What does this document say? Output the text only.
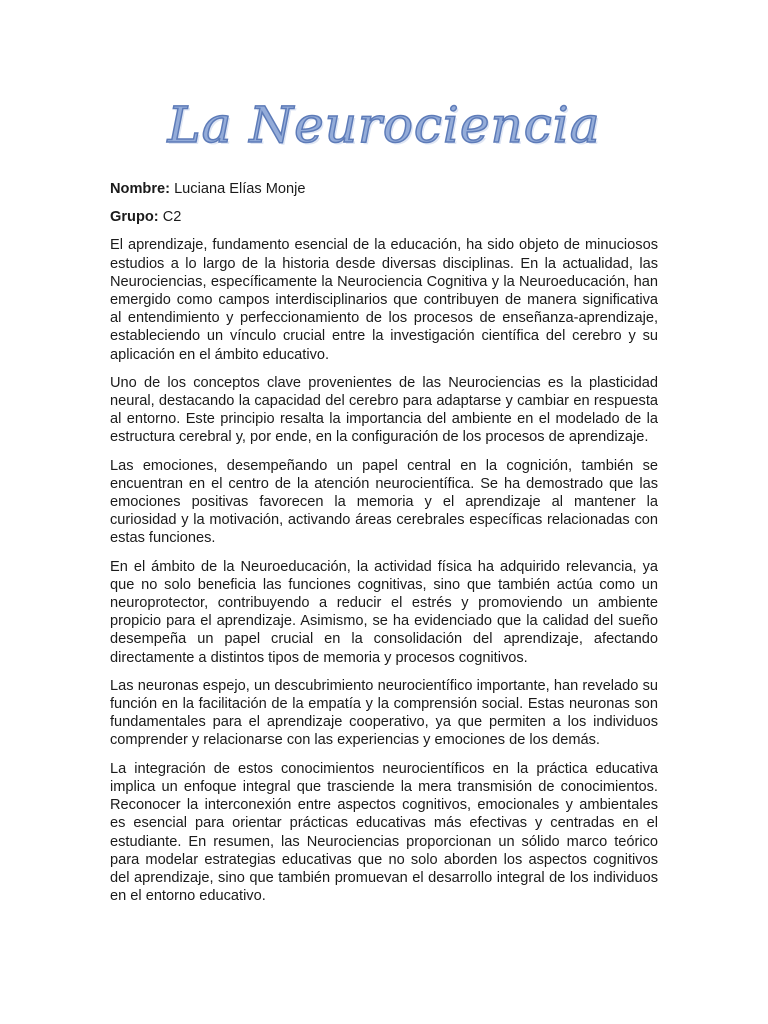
La Neurociencia

Nombre: Luciana Elías Monje

Grupo: C2

El aprendizaje, fundamento esencial de la educación, ha sido objeto de minuciosos estudios a lo largo de la historia desde diversas disciplinas. En la actualidad, las Neurociencias, específicamente la Neurociencia Cognitiva y la Neuroeducación, han emergido como campos interdisciplinarios que contribuyen de manera significativa al entendimiento y perfeccionamiento de los procesos de enseñanza-aprendizaje, estableciendo un vínculo crucial entre la investigación científica del cerebro y su aplicación en el ámbito educativo.

Uno de los conceptos clave provenientes de las Neurociencias es la plasticidad neural, destacando la capacidad del cerebro para adaptarse y cambiar en respuesta al entorno. Este principio resalta la importancia del ambiente en el modelado de la estructura cerebral y, por ende, en la configuración de los procesos de aprendizaje.

Las emociones, desempeñando un papel central en la cognición, también se encuentran en el centro de la atención neurocientífica. Se ha demostrado que las emociones positivas favorecen la memoria y el aprendizaje al mantener la curiosidad y la motivación, activando áreas cerebrales específicas relacionadas con estas funciones.

En el ámbito de la Neuroeducación, la actividad física ha adquirido relevancia, ya que no solo beneficia las funciones cognitivas, sino que también actúa como un neuroprotector, contribuyendo a reducir el estrés y promoviendo un ambiente propicio para el aprendizaje. Asimismo, se ha evidenciado que la calidad del sueño desempeña un papel crucial en la consolidación del aprendizaje, afectando directamente a distintos tipos de memoria y procesos cognitivos.

Las neuronas espejo, un descubrimiento neurocientífico importante, han revelado su función en la facilitación de la empatía y la comprensión social. Estas neuronas son fundamentales para el aprendizaje cooperativo, ya que permiten a los individuos comprender y relacionarse con las experiencias y emociones de los demás.

La integración de estos conocimientos neurocientíficos en la práctica educativa implica un enfoque integral que trasciende la mera transmisión de conocimientos. Reconocer la interconexión entre aspectos cognitivos, emocionales y ambientales es esencial para orientar prácticas educativas más efectivas y centradas en el estudiante. En resumen, las Neurociencias proporcionan un sólido marco teórico para modelar estrategias educativas que no solo aborden los aspectos cognitivos del aprendizaje, sino que también promuevan el desarrollo integral de los individuos en el entorno educativo.
